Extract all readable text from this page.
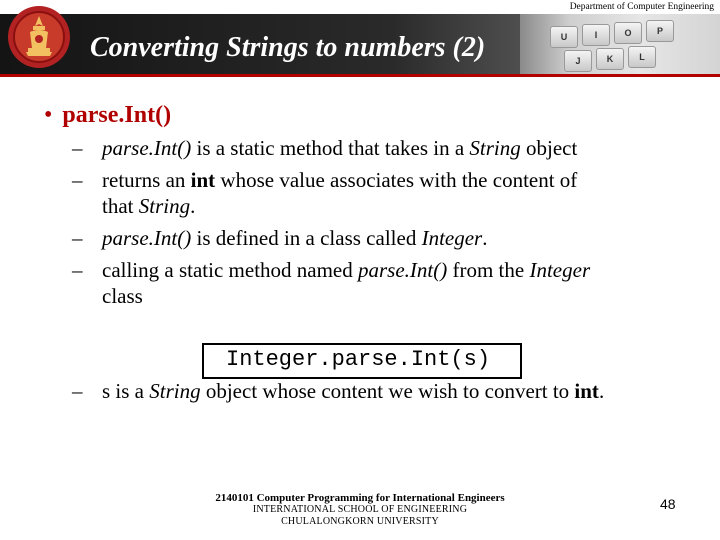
Department of Computer Engineering
U	I	O	P
J	K	L
Converting Strings to numbers (2)
• parse.Int()
– parse.Int() is a static method that takes in a String object
– returns an int whose value associates with the content of
that String.
– parse.Int() is defined in a class called Integer.
– calling a static method named parse.Int() from the Integer
class
Integer.parse.Int(s)
– s is a String object whose content we wish to convert to int.
2140101 Computer Programming for International Engineers
INTERNATIONAL SCHOOL OF ENGINEERING
CHULALONGKORN UNIVERSITY
48
